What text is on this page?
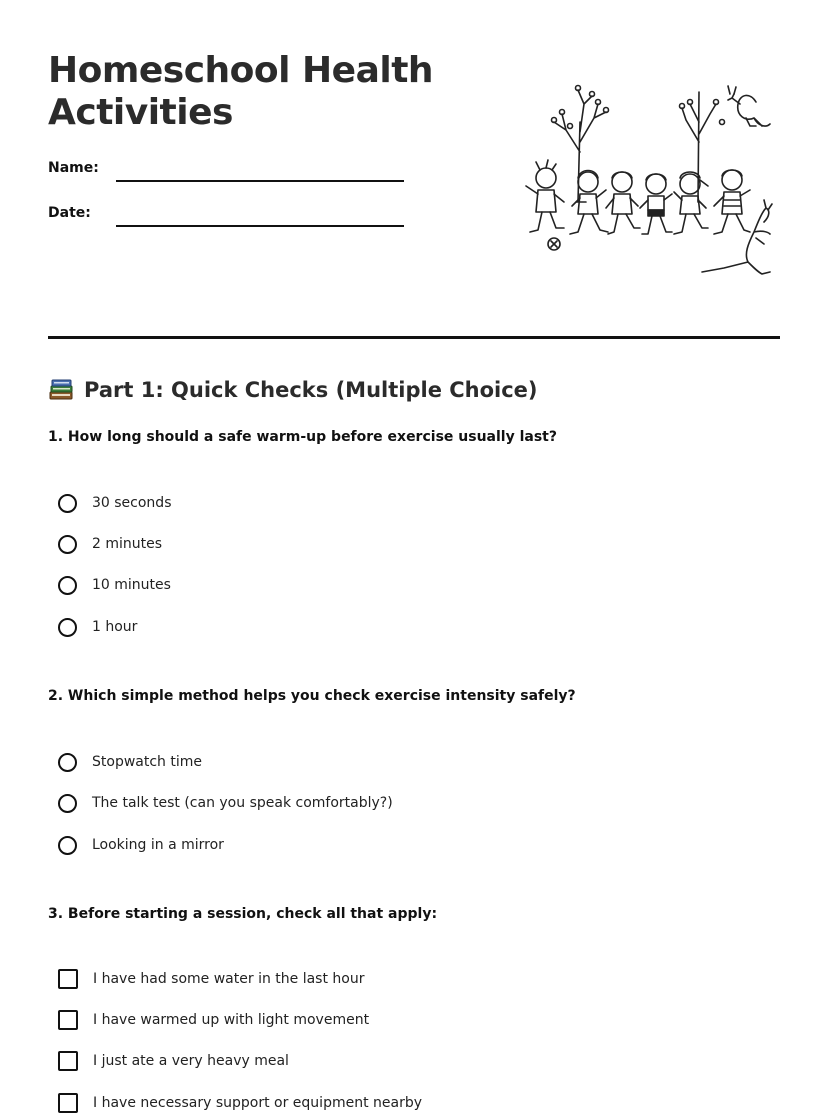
Homeschool Health
Activities
Name:
Date:
Part 1: Quick Checks (Multiple Choice)
1. How long should a safe warm-up before exercise usually last?
30 seconds
2 minutes
10 minutes
1 hour
2. Which simple method helps you check exercise intensity safely?
Stopwatch time
The talk test (can you speak comfortably?)
Looking in a mirror
3. Before starting a session, check all that apply:
I have had some water in the last hour
I have warmed up with light movement
I just ate a very heavy meal
I have necessary support or equipment nearby
